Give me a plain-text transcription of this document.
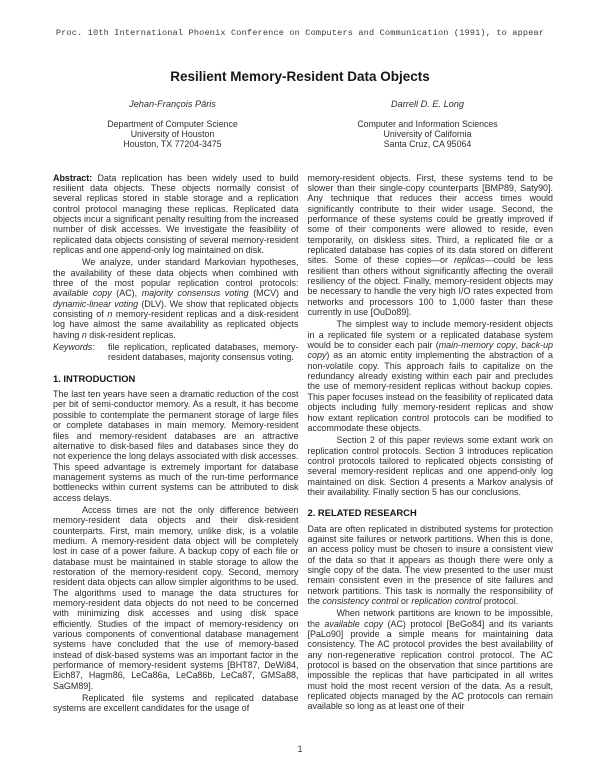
Proc. 10th International Phoenix Conference on Computers and Communication (1991), to appear
Resilient Memory-Resident Data Objects
Jehan-François Pâris
Department of Computer Science
University of Houston
Houston, TX 77204-3475
Darrell D. E. Long
Computer and Information Sciences
University of California
Santa Cruz, CA 95064

Abstract: Data replication has been widely used to build resilient data objects. These objects normally consist of several replicas stored in stable storage and a replication control protocol managing these replicas. Replicated data objects incur a significant penalty resulting from the increased number of disk accesses. We investigate the feasibility of replicated data objects consisting of several memory-resident replicas and one append-only log maintained on disk.

We analyze, under standard Markovian hypotheses, the availability of these data objects when combined with three of the most popular replication control protocols: available copy (AC), majority consensus voting (MCV) and dynamic-linear voting (DLV). We show that replicated objects consisting of n memory-resident replicas and a disk-resident log have almost the same availability as replicated objects having n disk-resident replicas.

Keywords:	file replication, replicated databases, memory-resident databases, majority consensus voting.
1. INTRODUCTION

The last ten years have seen a dramatic reduction of the cost per bit of semi-conductor memory. As a result, it has become possible to contemplate the permanent storage of large files or complete databases in main memory. Memory-resident files and memory-resident databases are an attractive alternative to disk-based files and databases since they do not experience the long delays associated with disk accesses. This speed advantage is extremely important for database management systems as much of the run-time performance bottlenecks within current systems can be attributed to disk access delays.

Access times are not the only difference between memory-resident data objects and their disk-resident counterparts. First, main memory, unlike disk, is a volatile medium. A memory-resident data object will be completely lost in case of a power failure. A backup copy of each file or database must be maintained in stable storage to allow the restoration of the memory-resident copy. Second, memory resident data objects can allow simpler algorithms to be used. The algorithms used to manage the data structures for memory-resident data objects do not need to be concerned with minimizing disk accesses and using disk space efficiently. Studies of the impact of memory-residency on various components of conventional database management systems have concluded that the use of memory-based instead of disk-based systems was an important factor in the performance of memory-resident systems [BHT87, DeWi84, Eich87, Hagm86, LeCa86a, LeCa86b, LeCa87, GMSa88, SaGM89].

Replicated file systems and replicated database systems are excellent candidates for the usage of

memory-resident objects. First, these systems tend to be slower than their single-copy counterparts [BMP89, Saty90]. Any technique that reduces their access times would significantly contribute to their wider usage. Second, the performance of these systems could be greatly improved if some of their components were allowed to reside, even temporarily, on diskless sites. Third, a replicated file or a replicated database has copies of its data stored on different sites. Some of these copies—or replicas—could be less resilient than others without significantly affecting the overall resiliency of the object. Finally, memory-resident objects may be necessary to handle the very high I/O rates expected from networks and processors 100 to 1,000 faster than these currently in use [OuDo89].

The simplest way to include memory-resident objects in a replicated file system or a replicated database system would be to consider each pair (main-memory copy, back-up copy) as an atomic entity implementing the abstraction of a non-volatile copy. This approach fails to capitalize on the redundancy already existing within each pair and precludes the use of memory-resident replicas without backup copies. This paper focuses instead on the feasibility of replicated data objects including fully memory-resident replicas and show how extant replication control protocols can be modified to accommodate these objects.

Section 2 of this paper reviews some extant work on replication control protocols. Section 3 introduces replication control protocols tailored to replicated objects consisting of several memory-resident replicas and one append-only log maintained on disk. Section 4 presents a Markov analysis of their availability. Finally section 5 has our conclusions.

2. RELATED RESEARCH

Data are often replicated in distributed systems for protection against site failures or network partitions. When this is done, an access policy must be chosen to insure a consistent view of the data so that it appears as though there were only a single copy of the data. The view presented to the user must remain consistent even in the presence of site failures and network partitions. This task is normally the responsibility of the consistency control or replication control protocol.

When network partitions are known to be impossible, the available copy (AC) protocol [BeGo84] and its variants [PaLo90] provide a simple means for maintaining data consistency. The AC protocol provides the best availability of any non-regenerative replication control protocol. The AC protocol is based on the observation that since partitions are impossible the replicas that have participated in all writes must hold the most recent version of the data. As a result, replicated objects managed by the AC protocols can remain available so long as at least one of their

1
